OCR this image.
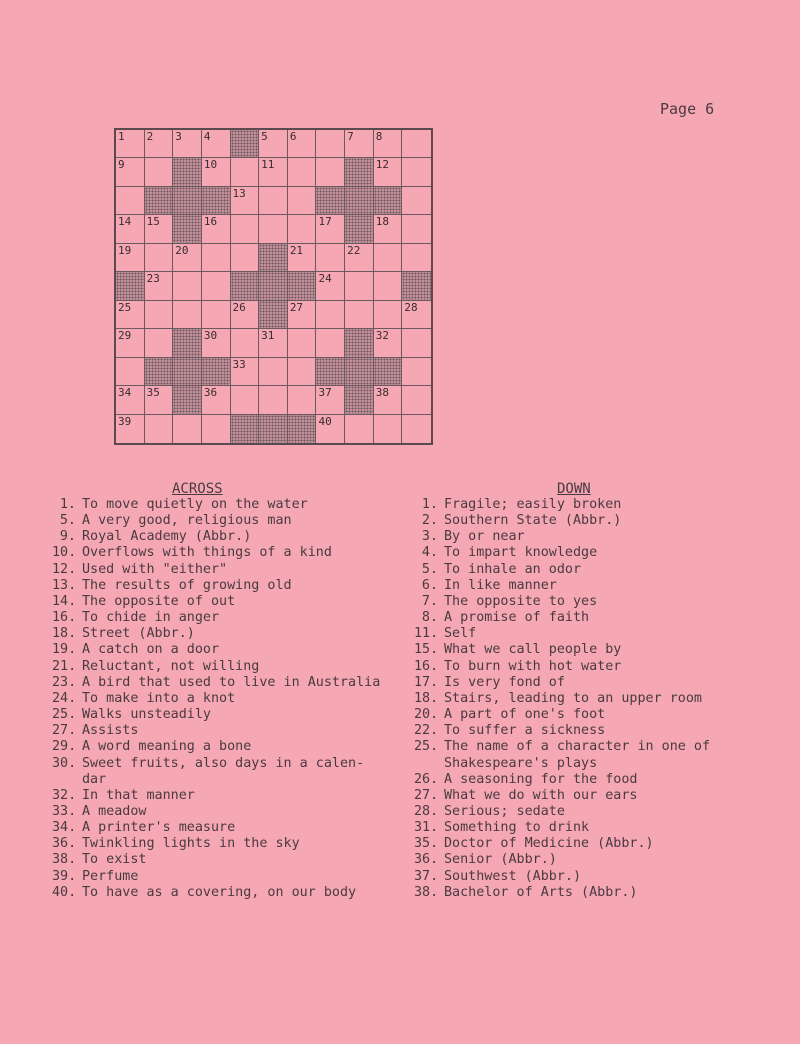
Page 6
1 2 3 4	5 6	7 8
9	10	11	12
13
14 15	16	17	18
19	20	21	22
23	24
25	26	27	28
29	30	31	32
33
34 35	36	37	38
39	40
ACROSS
1. To move quietly on the water
5. A very good, religious man
9. Royal Academy (Abbr.)
10. Overflows with things of a kind
12. Used with "either"
13. The results of growing old
14. The opposite of out
16. To chide in anger
18. Street (Abbr.)
19. A catch on a door
21. Reluctant, not willing
23. A bird that used to live in Australia
24. To make into a knot
25. Walks unsteadily
27. Assists
29. A word meaning a bone
30. Sweet fruits, also days in a calen-
dar
32. In that manner
33. A meadow
34. A printer's measure
36. Twinkling lights in the sky
38. To exist
39. Perfume
40. To have as a covering, on our body
DOWN
1. Fragile; easily broken
2. Southern State (Abbr.)
3. By or near
4. To impart knowledge
5. To inhale an odor
6. In like manner
7. The opposite to yes
8. A promise of faith
11. Self
15. What we call people by
16. To burn with hot water
17. Is very fond of
18. Stairs, leading to an upper room
20. A part of one's foot
22. To suffer a sickness
25. The name of a character in one of
Shakespeare's plays
26. A seasoning for the food
27. What we do with our ears
28. Serious; sedate
31. Something to drink
35. Doctor of Medicine (Abbr.)
36. Senior (Abbr.)
37. Southwest (Abbr.)
38. Bachelor of Arts (Abbr.)
